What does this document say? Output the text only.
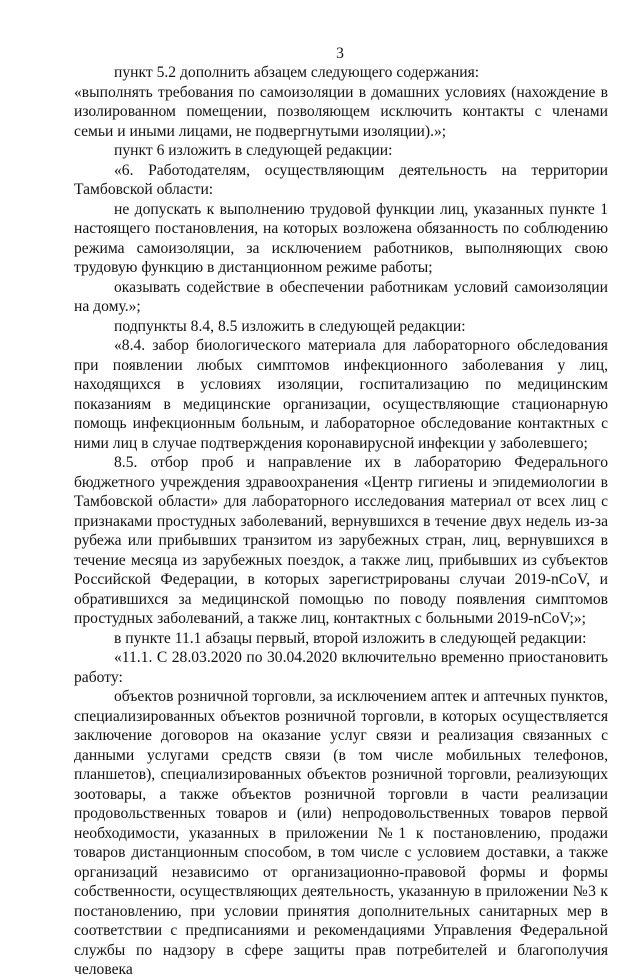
3

пункт 5.2 дополнить абзацем следующего содержания:

«выполнять требования по самоизоляции в домашних условиях (нахождение в изолированном помещении, позволяющем исключить контакты с членами семьи и иными лицами, не подвергнутыми изоляции).»;

пункт 6 изложить в следующей редакции:

«6. Работодателям, осуществляющим деятельность на территории Тамбовской области:

не допускать к выполнению трудовой функции лиц, указанных пункте 1 настоящего постановления, на которых возложена обязанность по соблюдению режима самоизоляции, за исключением работников, выполняющих свою трудовую функцию в дистанционном режиме работы;

оказывать содействие в обеспечении работникам условий самоизоляции на дому.»;

подпункты 8.4, 8.5 изложить в следующей редакции:

«8.4. забор биологического материала для лабораторного обследования при появлении любых симптомов инфекционного заболевания у лиц, находящихся в условиях изоляции, госпитализацию по медицинским показаниям в медицинские организации, осуществляющие стационарную помощь инфекционным больным, и лабораторное обследование контактных с ними лиц в случае подтверждения коронавирусной инфекции у заболевшего;

8.5. отбор проб и направление их в лабораторию Федерального бюджетного учреждения здравоохранения «Центр гигиены и эпидемиологии в Тамбовской области» для лабораторного исследования материал от всех лиц с признаками простудных заболеваний, вернувшихся в течение двух недель из-за рубежа или прибывших транзитом из зарубежных стран, лиц, вернувшихся в течение месяца из зарубежных поездок, а также лиц, прибывших из субъектов Российской Федерации, в которых зарегистрированы случаи 2019-nCoV, и обратившихся за медицинской помощью по поводу появления симптомов простудных заболеваний, а также лиц, контактных с больными 2019-nCoV;»;

в пункте 11.1 абзацы первый, второй изложить в следующей редакции:

«11.1. С 28.03.2020 по 30.04.2020 включительно временно приостановить работу:

объектов розничной торговли, за исключением аптек и аптечных пунктов, специализированных объектов розничной торговли, в которых осуществляется заключение договоров на оказание услуг связи и реализация связанных с данными услугами средств связи (в том числе мобильных телефонов, планшетов), специализированных объектов розничной торговли, реализующих зоотовары, а также объектов розничной торговли в части реализации продовольственных товаров и (или) непродовольственных товаров первой необходимости, указанных в приложении №1 к постановлению, продажи товаров дистанционным способом, в том числе с условием доставки, а также организаций независимо от организационно-правовой формы и формы собственности, осуществляющих деятельность, указанную в приложении №3 к постановлению, при условии принятия дополнительных санитарных мер в соответствии с предписаниями и рекомендациями Управления Федеральной службы по надзору в сфере защиты прав потребителей и благополучия человека
